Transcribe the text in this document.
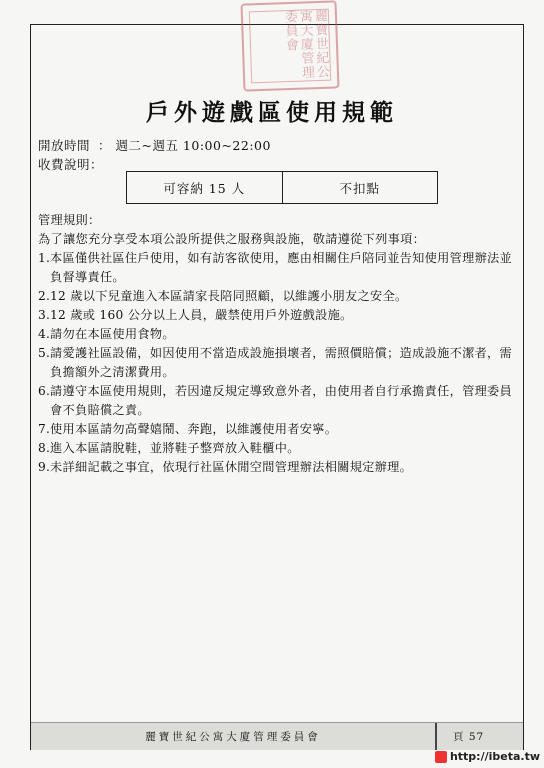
麗寶世紀公寓大廈管理委員會
戶外遊戲區使用規範
開放時間 ： 週二~週五 10:00~22:00
收費說明：
可容納 15 人	不扣點

管理規則：

為了讓您充分享受本項公設所提供之服務與設施，敬請遵從下列事項：

1. 本區僅供社區住戶使用，如有訪客欲使用，應由相關住戶陪同並告知使用管理辦法並負督導責任。
2. 12 歲以下兒童進入本區請家長陪同照顧，以維護小朋友之安全。
3. 12 歲或 160 公分以上人員，嚴禁使用戶外遊戲設施。
4. 請勿在本區使用食物。
5. 請愛護社區設備，如因使用不當造成設施損壞者，需照價賠償；造成設施不潔者，需負擔額外之清潔費用。
6. 請遵守本區使用規則，若因違反規定導致意外者，由使用者自行承擔責任，管理委員會不負賠償之責。
7. 使用本區請勿高聲嬉鬧、奔跑，以維護使用者安寧。
8. 進入本區請脫鞋，並將鞋子整齊放入鞋櫃中。
9. 未詳細記載之事宜，依現行社區休閒空間管理辦法相關規定辦理。
麗寶世紀公寓大廈管理委員會	頁 57
http://ibeta.tw
